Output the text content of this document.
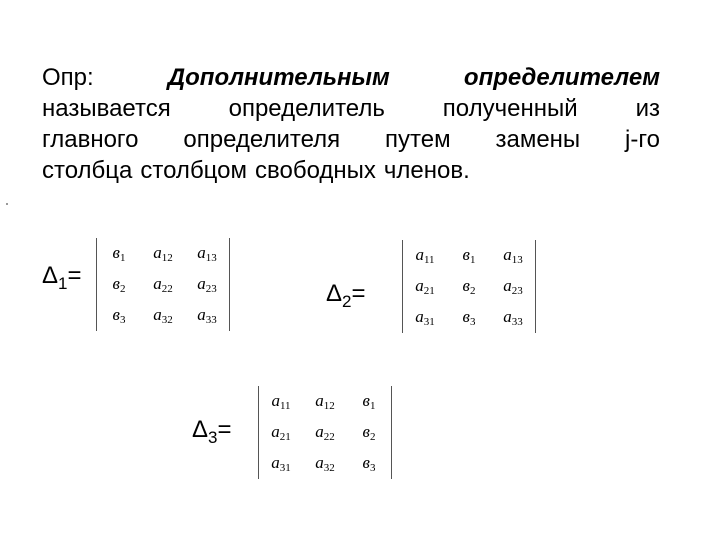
Опр:	Дополнительным	определителем
называется определитель полученный из
главного определителя путем замены j-го
столбца столбцом свободных членов.
$\Delta_1=$
в1	a12	a13
в2	a22	a23
в3	a32	a33
$\Delta_2=$
a11	в1	a13
a21	в2	a23
a31	в3	a33
$\Delta_3=$
a11	a12	в1
a21	a22	в2
a31	a32	в3
